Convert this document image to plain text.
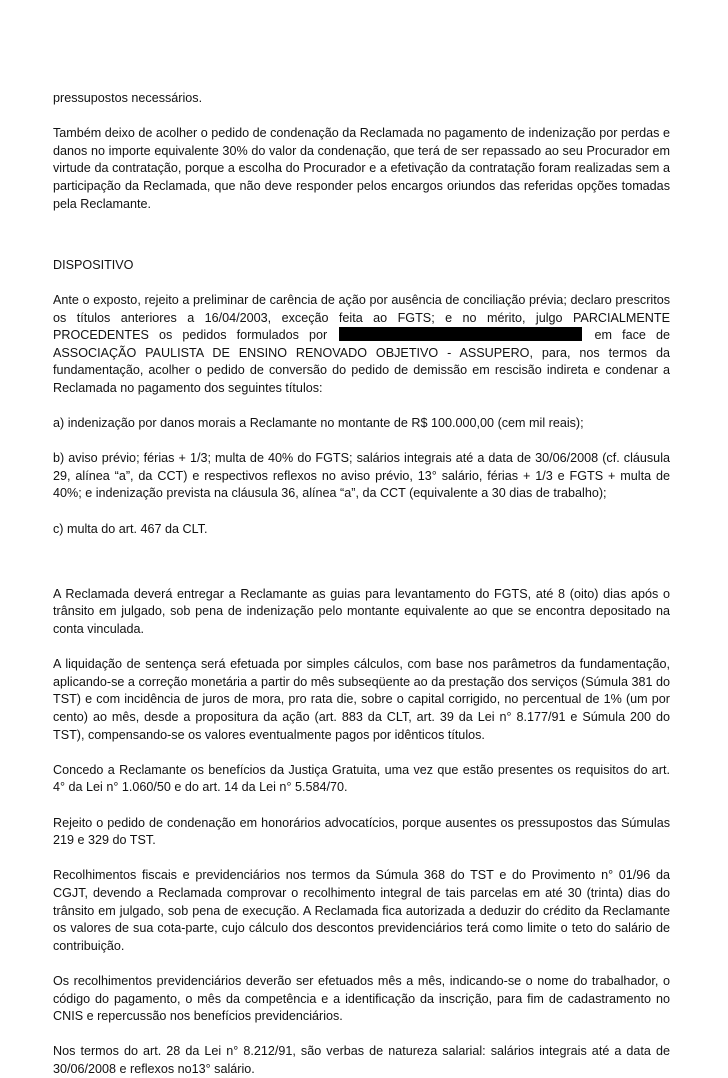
pressupostos necessários.

Também deixo de acolher o pedido de condenação da Reclamada no pagamento de indenização por perdas e danos no importe equivalente 30% do valor da condenação, que terá de ser repassado ao seu Procurador em virtude da contratação, porque a escolha do Procurador e a efetivação da contratação foram realizadas sem a participação da Reclamada, que não deve responder pelos encargos oriundos das referidas opções tomadas pela Reclamante.

DISPOSITIVO

Ante o exposto, rejeito a preliminar de carência de ação por ausência de conciliação prévia; declaro prescritos os títulos anteriores a 16/04/2003, exceção feita ao FGTS; e no mérito, julgo PARCIALMENTE PROCEDENTES os pedidos formulados por	em face de ASSOCIAÇÃO PAULISTA DE ENSINO RENOVADO OBJETIVO - ASSUPERO, para, nos termos da fundamentação, acolher o pedido de conversão do pedido de demissão em rescisão indireta e condenar a Reclamada no pagamento dos seguintes títulos:

a) indenização por danos morais a Reclamante no montante de R$ 100.000,00 (cem mil reais);

b) aviso prévio; férias + 1/3; multa de 40% do FGTS; salários integrais até a data de 30/06/2008 (cf. cláusula 29, alínea “a”, da CCT) e respectivos reflexos no aviso prévio, 13° salário, férias + 1/3 e FGTS + multa de 40%; e indenização prevista na cláusula 36, alínea “a”, da CCT (equivalente a 30 dias de trabalho);

c) multa do art. 467 da CLT.

A Reclamada deverá entregar a Reclamante as guias para levantamento do FGTS, até 8 (oito) dias após o trânsito em julgado, sob pena de indenização pelo montante equivalente ao que se encontra depositado na conta vinculada.

A liquidação de sentença será efetuada por simples cálculos, com base nos parâmetros da fundamentação, aplicando-se a correção monetária a partir do mês subseqüente ao da prestação dos serviços (Súmula 381 do TST) e com incidência de juros de mora, pro rata die, sobre o capital corrigido, no percentual de 1% (um por cento) ao mês, desde a propositura da ação (art. 883 da CLT, art. 39 da Lei n° 8.177/91 e Súmula 200 do TST), compensando-se os valores eventualmente pagos por idênticos títulos.

Concedo a Reclamante os benefícios da Justiça Gratuita, uma vez que estão presentes os requisitos do art. 4° da Lei n° 1.060/50 e do art. 14 da Lei n° 5.584/70.

Rejeito o pedido de condenação em honorários advocatícios, porque ausentes os pressupostos das Súmulas 219 e 329 do TST.

Recolhimentos fiscais e previdenciários nos termos da Súmula 368 do TST e do Provimento n° 01/96 da CGJT, devendo a Reclamada comprovar o recolhimento integral de tais parcelas em até 30 (trinta) dias do trânsito em julgado, sob pena de execução. A Reclamada fica autorizada a deduzir do crédito da Reclamante os valores de sua cota-parte, cujo cálculo dos descontos previdenciários terá como limite o teto do salário de contribuição.

Os recolhimentos previdenciários deverão ser efetuados mês a mês, indicando-se o nome do trabalhador, o código do pagamento, o mês da competência e a identificação da inscrição, para fim de cadastramento no CNIS e repercussão nos benefícios previdenciários.

Nos termos do art. 28 da Lei n° 8.212/91, são verbas de natureza salarial: salários integrais até a data de 30/06/2008 e reflexos no13° salário.
